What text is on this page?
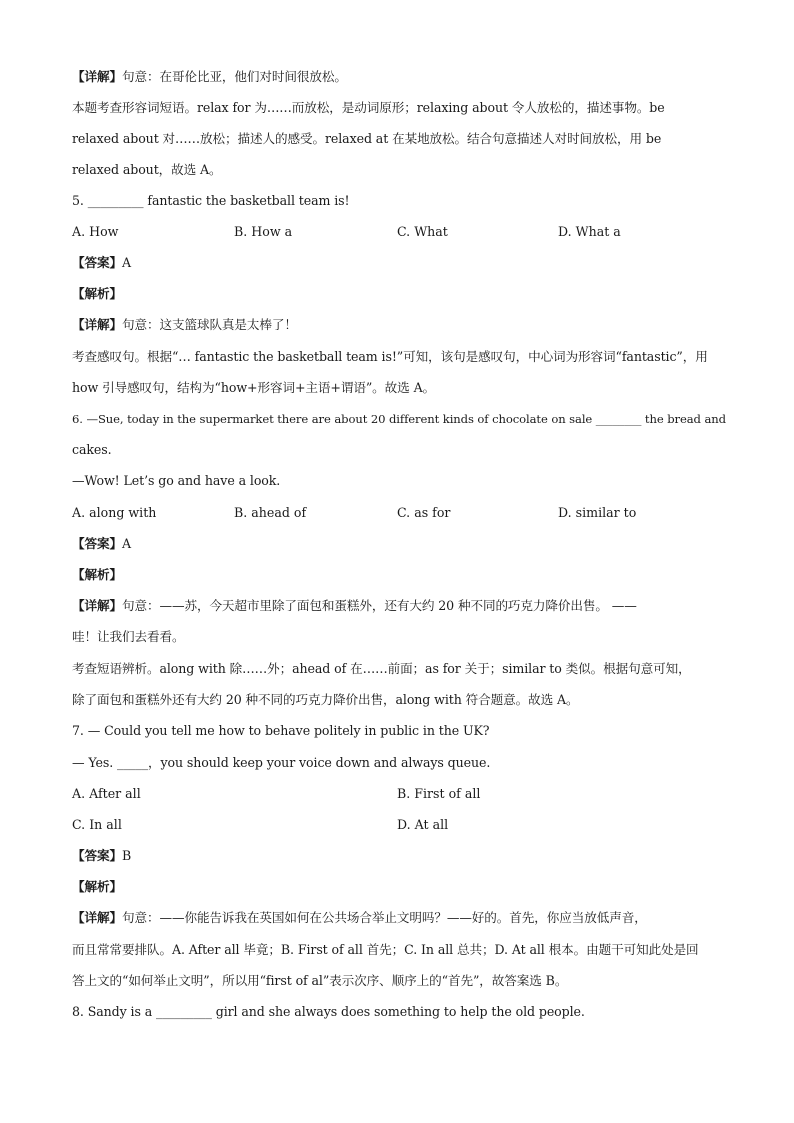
【详解】句意：在哥伦比亚，他们对时间很放松。
本题考查形容词短语。relax for 为……而放松，是动词原形；relaxing about 令人放松的，描述事物。be
relaxed about 对……放松；描述人的感受。relaxed at 在某地放松。结合句意描述人对时间放松，用 be
relaxed about，故选 A。
5. _________ fantastic the basketball team is!
A. How	B. How a	C. What	D. What a
【答案】A
【解析】
【详解】句意：这支篮球队真是太棒了！
考查感叹句。根据“… fantastic the basketball team is!”可知，该句是感叹句，中心词为形容词“fantastic”，用
how 引导感叹句，结构为“how+形容词+主语+谓语”。故选 A。
6. —Sue, today in the supermarket there are about 20 different kinds of chocolate on sale ________ the bread and
cakes.
—Wow! Let’s go and have a look.
A. along with	B. ahead of	C. as for	D. similar to
【答案】A
【解析】
【详解】句意：——苏，今天超市里除了面包和蛋糕外，还有大约 20 种不同的巧克力降价出售。 ——
哇！让我们去看看。
考查短语辨析。along with 除……外；ahead of 在……前面；as for 关于；similar to 类似。根据句意可知，
除了面包和蛋糕外还有大约 20 种不同的巧克力降价出售，along with 符合题意。故选 A。
7. — Could you tell me how to behave politely in public in the UK?
— Yes. _____，you should keep your voice down and always queue.
A. After all	B. First of all
C. In all	D. At all
【答案】B
【解析】
【详解】句意：——你能告诉我在英国如何在公共场合举止文明吗？——好的。首先，你应当放低声音，
而且常常要排队。A. After all 毕竟；B. First of all 首先；C. In all 总共；D. At all 根本。由题干可知此处是回
答上文的“如何举止文明”，所以用“first of al”表示次序、顺序上的“首先”，故答案选 B。
8. Sandy is a _________ girl and she always does something to help the old people.
